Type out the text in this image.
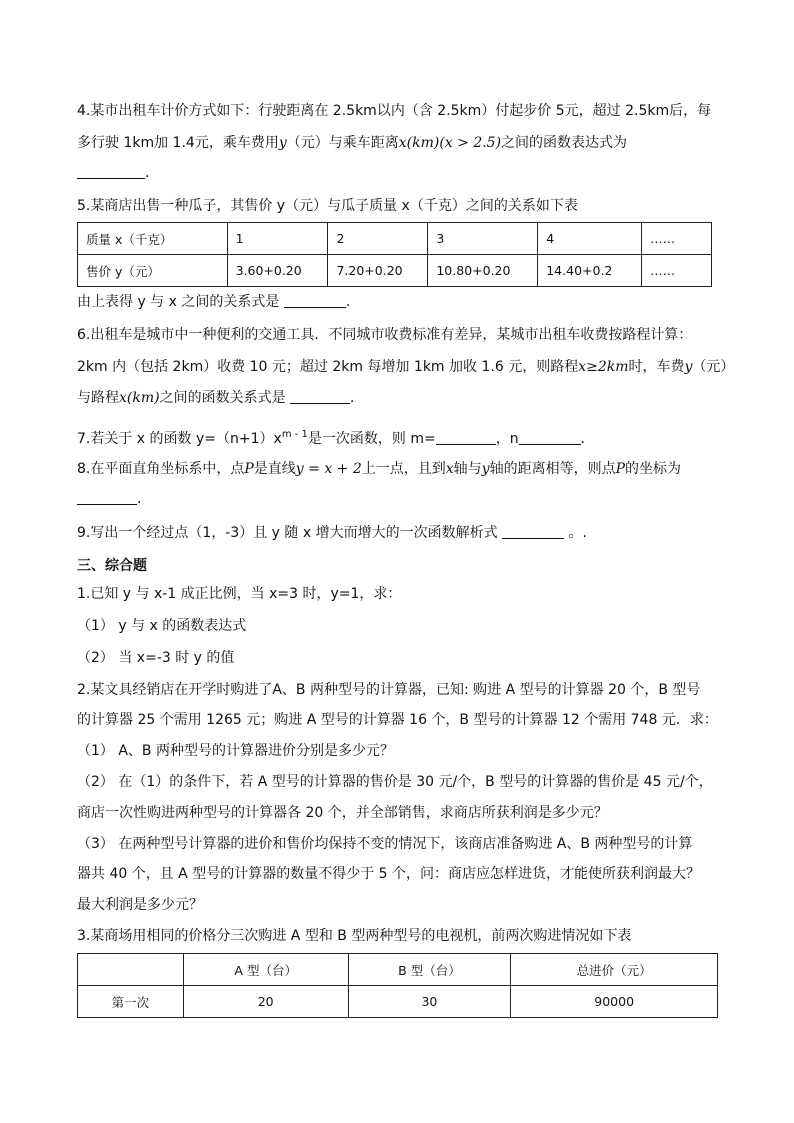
4.某市出租车计价方式如下：行驶距离在 2.5km以内（含 2.5km）付起步价 5元，超过 2.5km后，每
多行驶 1km加 1.4元，乘车费用y（元）与乘车距离x(km)(x > 2.5)之间的函数表达式为
.
5.某商店出售一种瓜子，其售价 y（元）与瓜子质量 x（千克）之间的关系如下表
质量 x（千克）	1	2	3	4	……
售价 y（元）	3.60+0.20	7.20+0.20	10.80+0.20	14.40+0.2	……
由上表得 y 与 x 之间的关系式是	.
6.出租车是城市中一种便利的交通工具．不同城市收费标准有差异，某城市出租车收费按路程计算：
2km 内（包括 2km）收费 10 元；超过 2km 每增加 1km 加收 1.6 元，则路程x≥2km时，车费y（元）
与路程x(km)之间的函数关系式是	．
7.若关于 x 的函数 $y=(n+1)x^{m - 1}$是一次函数，则 m=	，n	．
8.在平面直角坐标系中，点P是直线y = x + 2上一点，且到x轴与y轴的距离相等，则点P的坐标为
.
9.写出一个经过点（1，-3）且 y 随 x 增大而增大的一次函数解析式	。.
三、综合题
1.已知 y 与 x-1 成正比例，当 x=3 时，y=1，求：
（1） y 与 x 的函数表达式
（2） 当 x=-3 时 y 的值
2.某文具经销店在开学时购进了A、B 两种型号的计算器，已知: 购进 A 型号的计算器 20 个，B 型号
的计算器 25 个需用 1265 元；购进 A 型号的计算器 16 个，B 型号的计算器 12 个需用 748 元．求：
（1） A、B 两种型号的计算器进价分别是多少元？
（2） 在（1）的条件下，若 A 型号的计算器的售价是 30 元/个，B 型号的计算器的售价是 45 元/个，
商店一次性购进两种型号的计算器各 20 个，并全部销售，求商店所获利润是多少元？
（3） 在两种型号计算器的进价和售价均保持不变的情况下，该商店准备购进 A、B 两种型号的计算
器共 40 个，且 A 型号的计算器的数量不得少于 5 个，问：商店应怎样进货，才能使所获利润最大？
最大利润是多少元？
3.某商场用相同的价格分三次购进 A 型和 B 型两种型号的电视机，前两次购进情况如下表
	A 型（台）	B 型（台）	总进价（元）
第一次	20	30	90000
